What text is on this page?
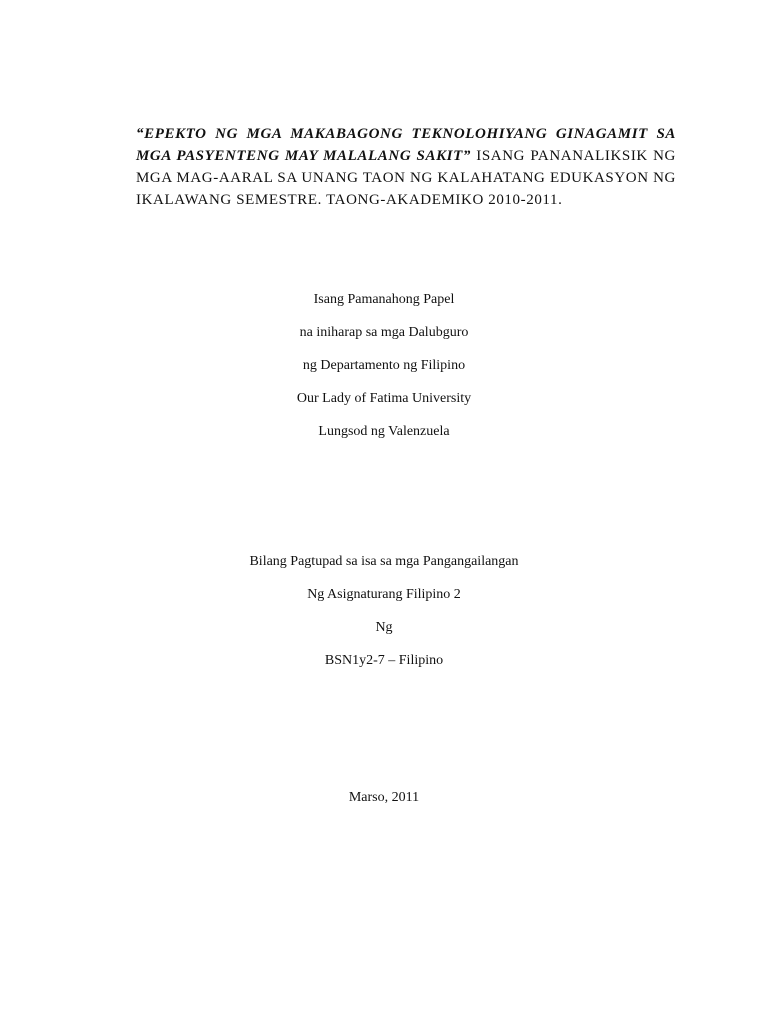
“EPEKTO NG MGA MAKABAGONG TEKNOLOHIYANG GINAGAMIT SA
MGA PASYENTENG MAY MALALANG SAKIT” ISANG PANANALIKSIK NG
MGA MAG-AARAL SA UNANG TAON NG KALAHATANG EDUKASYON NG
IKALAWANG SEMESTRE. TAONG-AKADEMIKO 2010-2011.
Isang Pamanahong Papel
na iniharap sa mga Dalubguro
ng Departamento ng Filipino
Our Lady of Fatima University
Lungsod ng Valenzuela
Bilang Pagtupad sa isa sa mga Pangangailangan
Ng Asignaturang Filipino 2
Ng
BSN1y2-7 – Filipino
Marso, 2011
